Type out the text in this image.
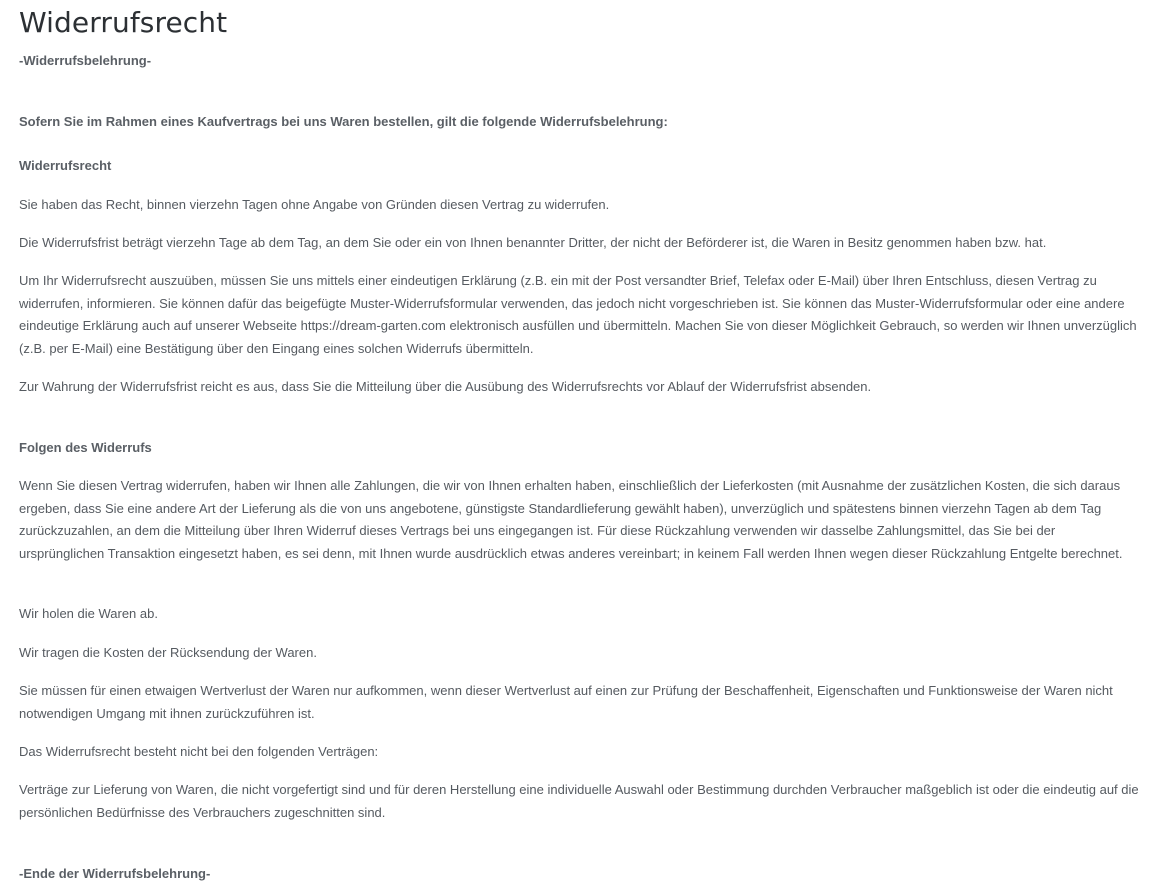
Widerrufsrecht
-Widerrufsbelehrung-

Sofern Sie im Rahmen eines Kaufvertrags bei uns Waren bestellen, gilt die folgende Widerrufsbelehrung:

Widerrufsrecht

Sie haben das Recht, binnen vierzehn Tagen ohne Angabe von Gründen diesen Vertrag zu widerrufen.

Die Widerrufsfrist beträgt vierzehn Tage ab dem Tag, an dem Sie oder ein von Ihnen benannter Dritter, der nicht der Beförderer ist, die Waren in Besitz genommen haben bzw. hat.

Um Ihr Widerrufsrecht auszuüben, müssen Sie uns mittels einer eindeutigen Erklärung (z.B. ein mit der Post versandter Brief, Telefax oder E-Mail) über Ihren Entschluss, diesen Vertrag zu widerrufen, informieren. Sie können dafür das beigefügte Muster-Widerrufsformular verwenden, das jedoch nicht vorgeschrieben ist. Sie können das Muster-Widerrufsformular oder eine andere eindeutige Erklärung auch auf unserer Webseite https://dream-garten.com elektronisch ausfüllen und übermitteln. Machen Sie von dieser Möglichkeit Gebrauch, so werden wir Ihnen unverzüglich (z.B. per E-Mail) eine Bestätigung über den Eingang eines solchen Widerrufs übermitteln.

Zur Wahrung der Widerrufsfrist reicht es aus, dass Sie die Mitteilung über die Ausübung des Widerrufsrechts vor Ablauf der Widerrufsfrist absenden.

Folgen des Widerrufs

Wenn Sie diesen Vertrag widerrufen, haben wir Ihnen alle Zahlungen, die wir von Ihnen erhalten haben, einschließlich der Lieferkosten (mit Ausnahme der zusätzlichen Kosten, die sich daraus ergeben, dass Sie eine andere Art der Lieferung als die von uns angebotene, günstigste Standardlieferung gewählt haben), unverzüglich und spätestens binnen vierzehn Tagen ab dem Tag zurückzuzahlen, an dem die Mitteilung über Ihren Widerruf dieses Vertrags bei uns eingegangen ist. Für diese Rückzahlung verwenden wir dasselbe Zahlungsmittel, das Sie bei der ursprünglichen Transaktion eingesetzt haben, es sei denn, mit Ihnen wurde ausdrücklich etwas anderes vereinbart; in keinem Fall werden Ihnen wegen dieser Rückzahlung Entgelte berechnet.

Wir holen die Waren ab.

Wir tragen die Kosten der Rücksendung der Waren.

Sie müssen für einen etwaigen Wertverlust der Waren nur aufkommen, wenn dieser Wertverlust auf einen zur Prüfung der Beschaffenheit, Eigenschaften und Funktionsweise der Waren nicht notwendigen Umgang mit ihnen zurückzuführen ist.

Das Widerrufsrecht besteht nicht bei den folgenden Verträgen:

Verträge zur Lieferung von Waren, die nicht vorgefertigt sind und für deren Herstellung eine individuelle Auswahl oder Bestimmung durchden Verbraucher maßgeblich ist oder die eindeutig auf die persönlichen Bedürfnisse des Verbrauchers zugeschnitten sind.

-Ende der Widerrufsbelehrung-
